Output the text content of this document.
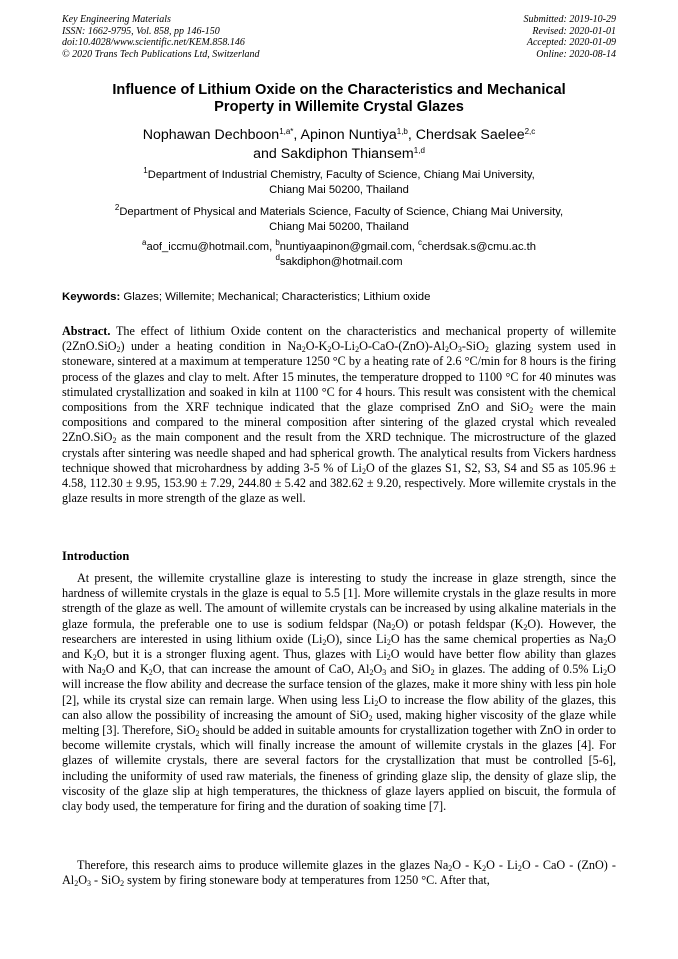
Key Engineering Materials
ISSN: 1662-9795, Vol. 858, pp 146-150
doi:10.4028/www.scientific.net/KEM.858.146
© 2020 Trans Tech Publications Ltd, Switzerland
Submitted: 2019-10-29
Revised: 2020-01-01
Accepted: 2020-01-09
Online: 2020-08-14
Influence of Lithium Oxide on the Characteristics and Mechanical
Property in Willemite Crystal Glazes
Nophawan Dechboon$^{1,a*}$, Apinon Nuntiya$^{1,b}$, Cherdsak Saelee$^{2,c}$
and Sakdiphon Thiansem$^{1,d}$
$^1$Department of Industrial Chemistry, Faculty of Science, Chiang Mai University,
Chiang Mai 50200, Thailand
$^2$Department of Physical and Materials Science, Faculty of Science, Chiang Mai University,
Chiang Mai 50200, Thailand
$^a$aof_iccmu@hotmail.com, $^b$nuntiyaapinon@gmail.com, $^c$cherdsak.s@cmu.ac.th
$^d$sakdiphon@hotmail.com
Keywords: Glazes; Willemite; Mechanical; Characteristics; Lithium oxide
Abstract. The effect of lithium Oxide content on the characteristics and mechanical property of willemite (2ZnO.SiO$_2$) under a heating condition in $Na_2O-K_2O-Li_2O-CaO-(ZnO)-Al_2O_3-SiO_2$ glazing system used in stoneware, sintered at a maximum at temperature 1250 °C by a heating rate of 2.6 °C/min for 8 hours is the firing process of the glazes and clay to melt. After 15 minutes, the temperature dropped to 1100 °C for 40 minutes was stimulated crystallization and soaked in kiln at 1100 °C for 4 hours. This result was consistent with the chemical compositions from the XRF technique indicated that the glaze comprised ZnO and SiO$_2$ were the main compositions and compared to the mineral composition after sintering of the glazed crystal which revealed 2ZnO.SiO$_2$ as the main component and the result from the XRD technique. The microstructure of the glazed crystals after sintering was needle shaped and had spherical growth. The analytical results from Vickers hardness technique showed that microhardness by adding 3-5 % of $Li_2O$ of the glazes S1, S2, S3, S4 and S5 as 105.96 ± 4.58, 112.30 ± 9.95, 153.90 ± 7.29, 244.80 ± 5.42 and 382.62 ± 9.20, respectively. More willemite crystals in the glaze results in more strength of the glaze as well.
Introduction
At present, the willemite crystalline glaze is interesting to study the increase in glaze strength, since the hardness of willemite crystals in the glaze is equal to 5.5 [1]. More willemite crystals in the glaze results in more strength of the glaze as well. The amount of willemite crystals can be increased by using alkaline materials in the glaze formula, the preferable one to use is sodium feldspar $(Na_2O)$ or potash feldspar $(K_2O)$. However, the researchers are interested in using lithium oxide $(Li_2O)$, since $Li_2O$ has the same chemical properties as $Na_2O$ and $K_2O$, but it is a stronger fluxing agent. Thus, glazes with $Li_2O$ would have better flow ability than glazes with $Na_2O$ and $K_2O$, that can increase the amount of CaO, $Al_2O_3$ and SiO$_2$ in glazes. The adding of 0.5% $Li_2O$ will increase the flow ability and decrease the surface tension of the glazes, make it more shiny with less pin hole [2], while its crystal size can remain large. When using less $Li_2O$ to increase the flow ability of the glazes, this can also allow the possibility of increasing the amount of SiO$_2$ used, making higher viscosity of the glaze while melting [3]. Therefore, SiO$_2$ should be added in suitable amounts for crystallization together with ZnO in order to become willemite crystals, which will finally increase the amount of willemite crystals in the glazes [4]. For glazes of willemite crystals, there are several factors for the crystallization that must be controlled [5-6], including the uniformity of used raw materials, the fineness of grinding glaze slip, the density of glaze slip, the viscosity of the glaze slip at high temperatures, the thickness of glaze layers applied on biscuit, the formula of clay body used, the temperature for firing and the duration of soaking time [7].
Therefore, this research aims to produce willemite glazes in the glazes $Na_2O - K_2O - Li_2O$ - CaO - $(ZnO) - Al_2O_3 - SiO_2$ system by firing stoneware body at temperatures from 1250 °C. After that,
